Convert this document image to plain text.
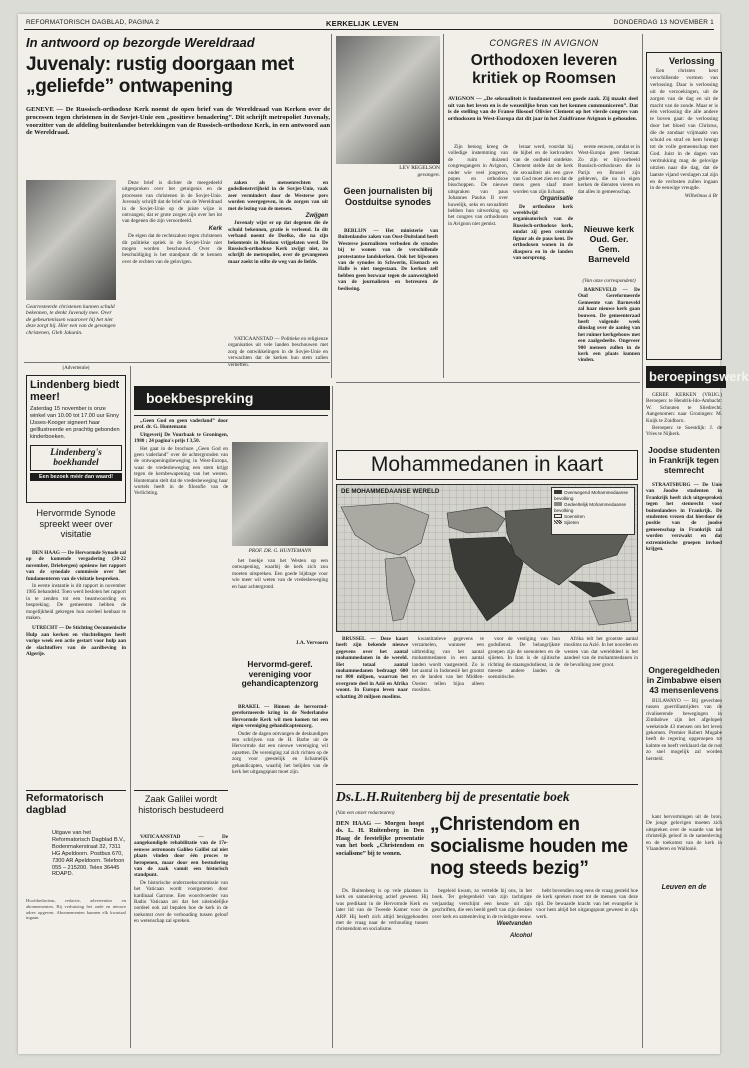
REFORMATORISCH DAGBLAD, PAGINA 2	KERKELIJK LEVEN	DONDERDAG 13 NOVEMBER 1
In antwoord op bezorgde Wereldraad
Juvenaly: rustig doorgaan met „geliefde” ontwapening
GENEVE — De Russisch-orthodoxe Kerk noemt de open brief van de Wereldraad van Kerken over de processen tegen christenen in de Sovjet-Unie een „positieve benadering”. Dit schrijft metropoliet Juvenaly, voorzitter van de afdeling buitenlandse betrekkingen van de Russisch-orthodoxe Kerk, in een antwoord aan de Wereldraad.
Gearresteerde christenen kunnen schuld bekennen, te denkt Juvenaly mee. Over de gebeurtenissen waarover hij het niet deze zorgt hij. Hier een van de gevangen christenen, Gleb Jakunin.

Deze brief is dichter de meegedeeld uitgesproken over het getuigenis en de processen van christenen in de Sovjet-Unie. Juvenaly schrijft dat de brief van de Wereldraad in de Sovjet-Unie op de juiste wijze is ontvangen; dat er grote zorgen zijn over het lot van degenen die zijn veroordeeld.

Kerk

De eigen dat de rechtszaken tegen christenen dit politieke optiek in de Sovjet-Unie niet mogen worden beschouwd. Over de beschuldiging is het standpunt dit te kennen over de rechten van de gelovigen.

zaken als mensenrechten en godsdienstvrijheid in de Sovjet-Unie, vaak zeer vermindert door de Westerse pers worden weergegeven, in de zorgen van uit met de lezing van de mensen.

Zwijgen

Juvenaly wijst er op dat degenen die de schuld bekennen, gratie is verleend. In dit verband noemt de Doelko, die na zijn bekentenis in Moskou vrijgelaten werd. De Russisch-orthodoxe Kerk zwijgt niet, zo schrijft de metropoliet, over de gevangenen maar zoekt in stilte de weg van de liefde.

VATICAANSTAD — Politieke en religieuze organisaties uit vele landen beschouwen met zorg de ontwikkelingen in de Sovjet-Unie en verwachten dat de kerken hun stem zullen verheffen.

LEV REGELSON
gevangen.
Geen journalisten bij Oostduitse synodes

BERLIJN — Het ministerie van Buitenlandse zaken van Oost-Duitsland heeft Westerse journalisten verboden de synodes bij te wonen van de verschillende protestantse landskerken. Ook het bijwonen van de synodes in Schwerin, Eisenach en Halle is niet toegestaan. De kerken zelf hebben geen bezwaar tegen de aanwezigheid van de journalisten en betreuren de beslissing.

CONGRES IN AVIGNON
Orthodoxen leveren kritiek op Roomsen
AVIGNON — „De seksualiteit is fundamenteel een goede zaak. Zij maakt deel uit van het leven en is de wezenlijke bron van het kennen communiceren”. Dat is de stelling van de Franse filosoof Olivier Clement op het vierde congres van orthodoxen in West-Europa dat dit jaar in het Zuidfranse Avignon is gehouden.

Zijn betoog kreeg de volledige instemming van de ruim duizend congresgangers in Avignon, onder wie veel jongeren, popes en orthodoxe bisschoppen. De nieuwe uitspraken van paus Johannes Paulus II over huwelijk, seks en sexualiteit hebben hun uitwerking op het congres van orthodoxen in Avignon niet gemist.

leraar werd, voordat hij de bijbel en de kerkvaders van de oudheid ontdekte. Clement stelde dat de kerk de sexualiteit als een gave van God moet zien en dat de mens geen slaaf moet worden van zijn lichaam.

Organisatie

De orthodoxe kerk wereldwijd organisatorisch van de Russisch-orthodoxe kerk, omdat zij geen centrale figuur als de paus kent. De orthodoxen wonen in de diaspora en in de landen van oorsprong.

eerste eeuwen, omdat er in West-Europa geen bestaat. Zo zijn er bijvoorbeeld Russisch-orthodoxen die in Parijs en Brussel zijn gebleven, die nu in eigen kerken de diensten vieren en dat alles in gemeenschap.

Nieuwe kerk Oud. Ger. Gem. Barneveld
(Van onze correspondent)

BARNEVELD — De Oud Gereformeerde Gemeente van Barneveld zal haar nieuwe kerk gaan bouwen. De gemeenteraad heeft volgende week dinsdag over de aanleg van het ruimer kerkgebouw met een zaalgedeelte. Ongeveer 900 mensen zullen in de kerk een plaats kunnen vinden.

Verlossing

Een christen kent verschillende vormen van verlossing. Daar is verlossing uit de verzoekingen, uit de zorgen van de dag en uit de macht van de zonde. Maar er is één verlossing die alle andere te boven gaat: de verlossing door het bloed van Christus, die de zondaar vrijmaakt van schuld en straf en hem brengt tot de volle gemeenschap met God. Juist in de dagen van verdrukking mag de gelovige uitzien naar die dag, dat de laatste vijand verslagen zal zijn en de verlosten zullen ingaan in de eeuwige vreugde.

Wilhelmus à Br
beroepingswerk

GEREF. KERKEN (VRIJG.) Beroepen: te Hendrik-Ido-Ambacht: W. Schouten te Sliedrecht. Aangenomen: naar Groningen: M. Kuijk te Zuidhorn.

Beroepen: te Soestdijk: J. de Vries te Nijkerk.

Joodse studenten in Frankrijk tegen stemrecht

STRAATSBURG — De Unie van Joodse studenten in Frankrijk heeft zich uitgesproken tegen het stemrecht voor buitenlanders in Frankrijk. De studenten vrezen dat hierdoor de positie van de joodse gemeenschap in Frankrijk zal worden verzwakt en dat extremistische groepen invloed krijgen.

Ongeregeldheden in Zimbabwe eisen 43 mensenlevens

BULAWAYO — Bij gevechten tussen guerrillastrijders van de rivaliserende bewegingen in Zimbabwe zijn het afgelopen weekeinde 43 mensen om het leven gekomen. Premier Robert Mugabe heeft de regering opgeroepen tot kalmte en heeft verklaard dat de rust zo snel mogelijk zal worden hersteld.

kant hervormingen uit de bron. De jonge gelovigen moeten zich uitspreken over de waarde van het christelijk geloof in de samenleving en de toekomst van de kerk in Vlaanderen en Wallonië.

Leuven en de
(Advertentie)
Lindenberg biedt meer!
Zaterdag 15 november is onze winkel van 10.00 tot 17.00 uur Enny IJsses-Kooger signeert haar geïllustreerde en prachtig gebonden kinderboeken.
Lindenberg's boekhandel
Een bezoek méér dan waard!
Hervormde Synode spreekt weer over visitatie

DEN HAAG — De Hervormde Synode zal op de komende vergadering (20-22 november, Driebergen) opnieuw het rapport van de synodale commissie over het fundamenteren van de visitatie bespreken.

In eerste instantie is dit rapport in november 1985 behandeld. Toen werd besloten het rapport in te zenden tot een beantwoording en bespreking. De gemeenten hebben de mogelijkheid gekregen hun oordeel kenbaar te maken.

UTRECHT — De Stichting Oecumenische Hulp aan kerken en vluchtelingen heeft vorige week een actie gestart voor hulp aan de slachtoffers van de aardbeving in Algerije.

Reformatorisch dagblad
Uitgave van het Reformatorisch Dagblad B.V., Bodenmakerstraat 32, 7311 HG Apeldoorn. Postbus 670, 7300 AR Apeldoorn. Telefoon 055 – 215200. Telex 36445 RDAPD.
Hoofdredacteur, redactie, advertenties en abonnementen. Bij verhuizing het oude en nieuwe adres opgeven. Abonnementen kunnen elk kwartaal ingaan.
boekbespreking

„Geen God en geen vaderland” door prof. dr. G. Huntemann

Uitgeverij De Vuurbaak te Groningen, 1980 ; 24 pagina's prijs f 3,50.

Het gaat in de brochure „Geen God en geen vaderland” over de achtergronden van de ontwapeningsbeweging in West-Europa, waar de vredesbeweging een stem krijgt tegen de kernbewapening van het westen. Huntemann stelt dat de vredesbeweging haar wortels heeft in de filosofie van de Verlichting.

PROF. DR. G. HUNTEMANN

het boekje van het Westen op een ontwapening, waarbij de kerk zich zou moeten uitspreken. Een goede bijdrage voor wie meer wil weten van de vredesbeweging en haar achtergrond.

J.A. Vervoorn
Hervormd-geref. vereniging voor gehandicaptenzorg

BRAKEL — Binnen de hervormd-gereformeerde kring in de Nederlandse Hervormde Kerk wil men komen tot een eigen vereniging gehandicaptenzorg.

Onder de dagen ontvangen de deskundigen een schrijven van de H. Barbe uit de Hervormde dat een nieuwe vereniging wil opzetten. De vereniging zal zich richten op de zorg voor geestelijk en lichamelijk gehandicapten, waarbij het belijden van de kerk het uitgangspunt moet zijn.

Zaak Galilei wordt historisch bestudeerd

VATICAANSTAD — De aangekondigde rehabilitatie van de 17e-eeuwse astronoom Galileo Galilei zal niet plaats vinden door één proces te heropenen, maar door een bestudering van de zaak vanuit een historisch standpunt.

De historische onderzoekscommissie van het Vaticaan wordt voorgezeten door kardinaal Garrone. Een woordvoerder van Radio Vaticaan zei dat het uiteindelijke oordeel ook zal bepalen hoe de kerk in de toekomst over de verhouding tussen geloof en wetenschap zal spreken.

Mohammedanen in kaart
DE MOHAMMEDAANSE WERELD	Overwegend Mohammedaanse bevolking
Gedeeltelijk Mohammedaanse bevolking
Soenniten
Sjiieten

BRUSSEL — Deze kaart heeft zijn bekende nieuwe gegevens over het aantal mohammedanen in de wereld. Het totaal aantal mohammedanen bedraagt 600 tot 800 miljoen, waarvan het overgrote deel in Azië en Afrika woont. In Europa leven naar schatting 20 miljoen moslims.

kwantitatieve gegevens te verzamelen, wanneer een uitbreiding van het aantal mohammedanen in een aantal landen wordt vastgesteld. Zo is het aantal in Indonesië het grootst en de landen van het Midden-Oosten tellen bijna alleen moslims.

voor de vestiging van hun godsdienst. De belangrijkste groepen zijn de soennieten en de sjiieten. In Iran is de sjiitische richting de staatsgodsdienst, in de meeste andere landen de soennitische.

Afrika telt het grootste aantal moslims na Azië. In het noorden en westen van dat werelddeel is het aandeel van de mohammedanen in de bevolking zeer groot.

Ds.L.H.Ruitenberg bij de presentatie boek
(Van een onzer redacteuren)
DEN HAAG — Morgen hoopt ds. L. H. Ruitenberg in Den Haag de feestelijke presentatie van het boek „Christendom en socialisme” bij te wonen.
„Christendom en socialisme houden me nog steeds bezig”

Ds. Ruitenberg is op vele plaatsen in kerk en samenleving actief geweest. Hij was predikant in de Hervormde Kerk en later lid van de Tweede Kamer voor de ARP. Hij heeft zich altijd beziggehouden met de vraag naar de verhouding tussen christendom en socialisme.

begeleid kwam, zo vertelde hij ons, in het boek. Ter gelegenheid van zijn tachtigste verjaardag verschijnt een keuze uit zijn geschriften, die een beeld geeft van zijn denken over kerk en samenleving in de twintigste eeuw.

Weetvanden
Alcohol

hebt bovendien nog eens de vraag gesteld hoe de kerk spreken moet tot de mensen van deze tijd. De bewaarde kracht van het evangelie is voor hem altijd het uitgangspunt geweest in zijn werk.
